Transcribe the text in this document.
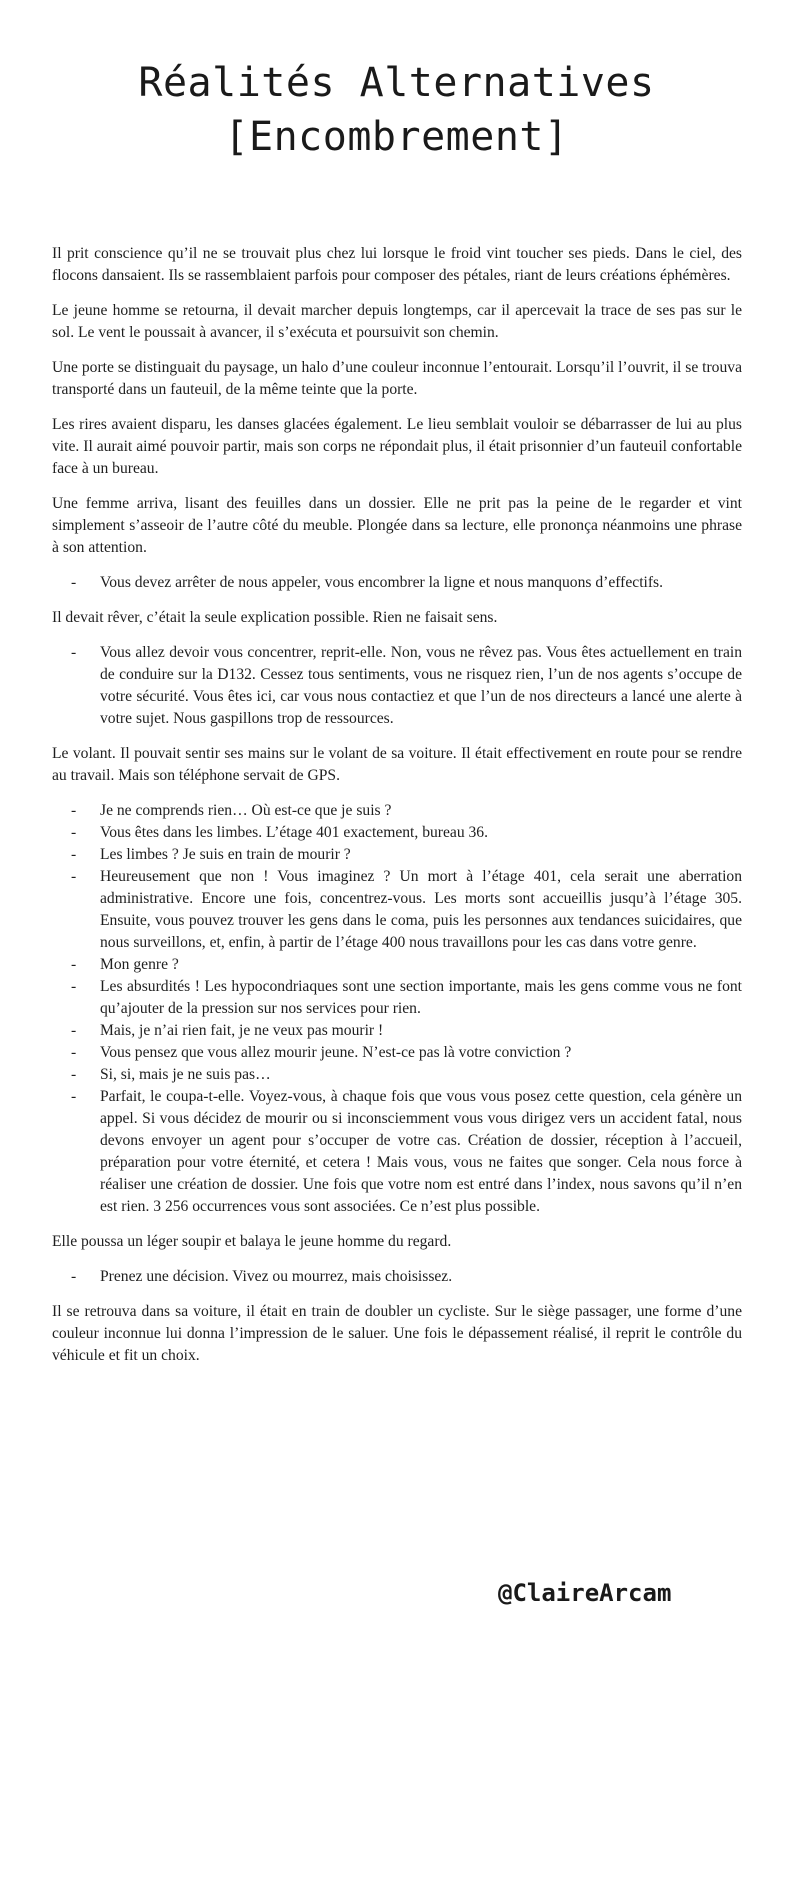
Réalités Alternatives
[Encombrement]

Il prit conscience qu’il ne se trouvait plus chez lui lorsque le froid vint toucher ses pieds. Dans le ciel, des flocons dansaient. Ils se rassemblaient parfois pour composer des pétales, riant de leurs créations éphémères.

Le jeune homme se retourna, il devait marcher depuis longtemps, car il apercevait la trace de ses pas sur le sol. Le vent le poussait à avancer, il s’exécuta et poursuivit son chemin.

Une porte se distinguait du paysage, un halo d’une couleur inconnue l’entourait. Lorsqu’il l’ouvrit, il se trouva transporté dans un fauteuil, de la même teinte que la porte.

Les rires avaient disparu, les danses glacées également. Le lieu semblait vouloir se débarrasser de lui au plus vite. Il aurait aimé pouvoir partir, mais son corps ne répondait plus, il était prisonnier d’un fauteuil confortable face à un bureau.

Une femme arriva, lisant des feuilles dans un dossier. Elle ne prit pas la peine de le regarder et vint simplement s’asseoir de l’autre côté du meuble. Plongée dans sa lecture, elle prononça néanmoins une phrase à son attention.

- Vous devez arrêter de nous appeler, vous encombrer la ligne et nous manquons d’effectifs.

Il devait rêver, c’était la seule explication possible. Rien ne faisait sens.

- Vous allez devoir vous concentrer, reprit-elle. Non, vous ne rêvez pas. Vous êtes actuellement en train de conduire sur la D132. Cessez tous sentiments, vous ne risquez rien, l’un de nos agents s’occupe de votre sécurité. Vous êtes ici, car vous nous contactiez et que l’un de nos directeurs a lancé une alerte à votre sujet. Nous gaspillons trop de ressources.

Le volant. Il pouvait sentir ses mains sur le volant de sa voiture. Il était effectivement en route pour se rendre au travail. Mais son téléphone servait de GPS.

- Je ne comprends rien… Où est-ce que je suis ?
- Vous êtes dans les limbes. L’étage 401 exactement, bureau 36.
- Les limbes ? Je suis en train de mourir ?
- Heureusement que non ! Vous imaginez ? Un mort à l’étage 401, cela serait une aberration administrative. Encore une fois, concentrez-vous. Les morts sont accueillis jusqu’à l’étage 305. Ensuite, vous pouvez trouver les gens dans le coma, puis les personnes aux tendances suicidaires, que nous surveillons, et, enfin, à partir de l’étage 400 nous travaillons pour les cas dans votre genre.
- Mon genre ?
- Les absurdités ! Les hypocondriaques sont une section importante, mais les gens comme vous ne font qu’ajouter de la pression sur nos services pour rien.
- Mais, je n’ai rien fait, je ne veux pas mourir !
- Vous pensez que vous allez mourir jeune. N’est-ce pas là votre conviction ?
- Si, si, mais je ne suis pas…
- Parfait, le coupa-t-elle. Voyez-vous, à chaque fois que vous vous posez cette question, cela génère un appel. Si vous décidez de mourir ou si inconsciemment vous vous dirigez vers un accident fatal, nous devons envoyer un agent pour s’occuper de votre cas. Création de dossier, réception à l’accueil, préparation pour votre éternité, et cetera ! Mais vous, vous ne faites que songer. Cela nous force à réaliser une création de dossier. Une fois que votre nom est entré dans l’index, nous savons qu’il n’en est rien. 3 256 occurrences vous sont associées. Ce n’est plus possible.

Elle poussa un léger soupir et balaya le jeune homme du regard.

- Prenez une décision. Vivez ou mourrez, mais choisissez.

Il se retrouva dans sa voiture, il était en train de doubler un cycliste. Sur le siège passager, une forme d’une couleur inconnue lui donna l’impression de le saluer. Une fois le dépassement réalisé, il reprit le contrôle du véhicule et fit un choix.

@ClaireArcam
